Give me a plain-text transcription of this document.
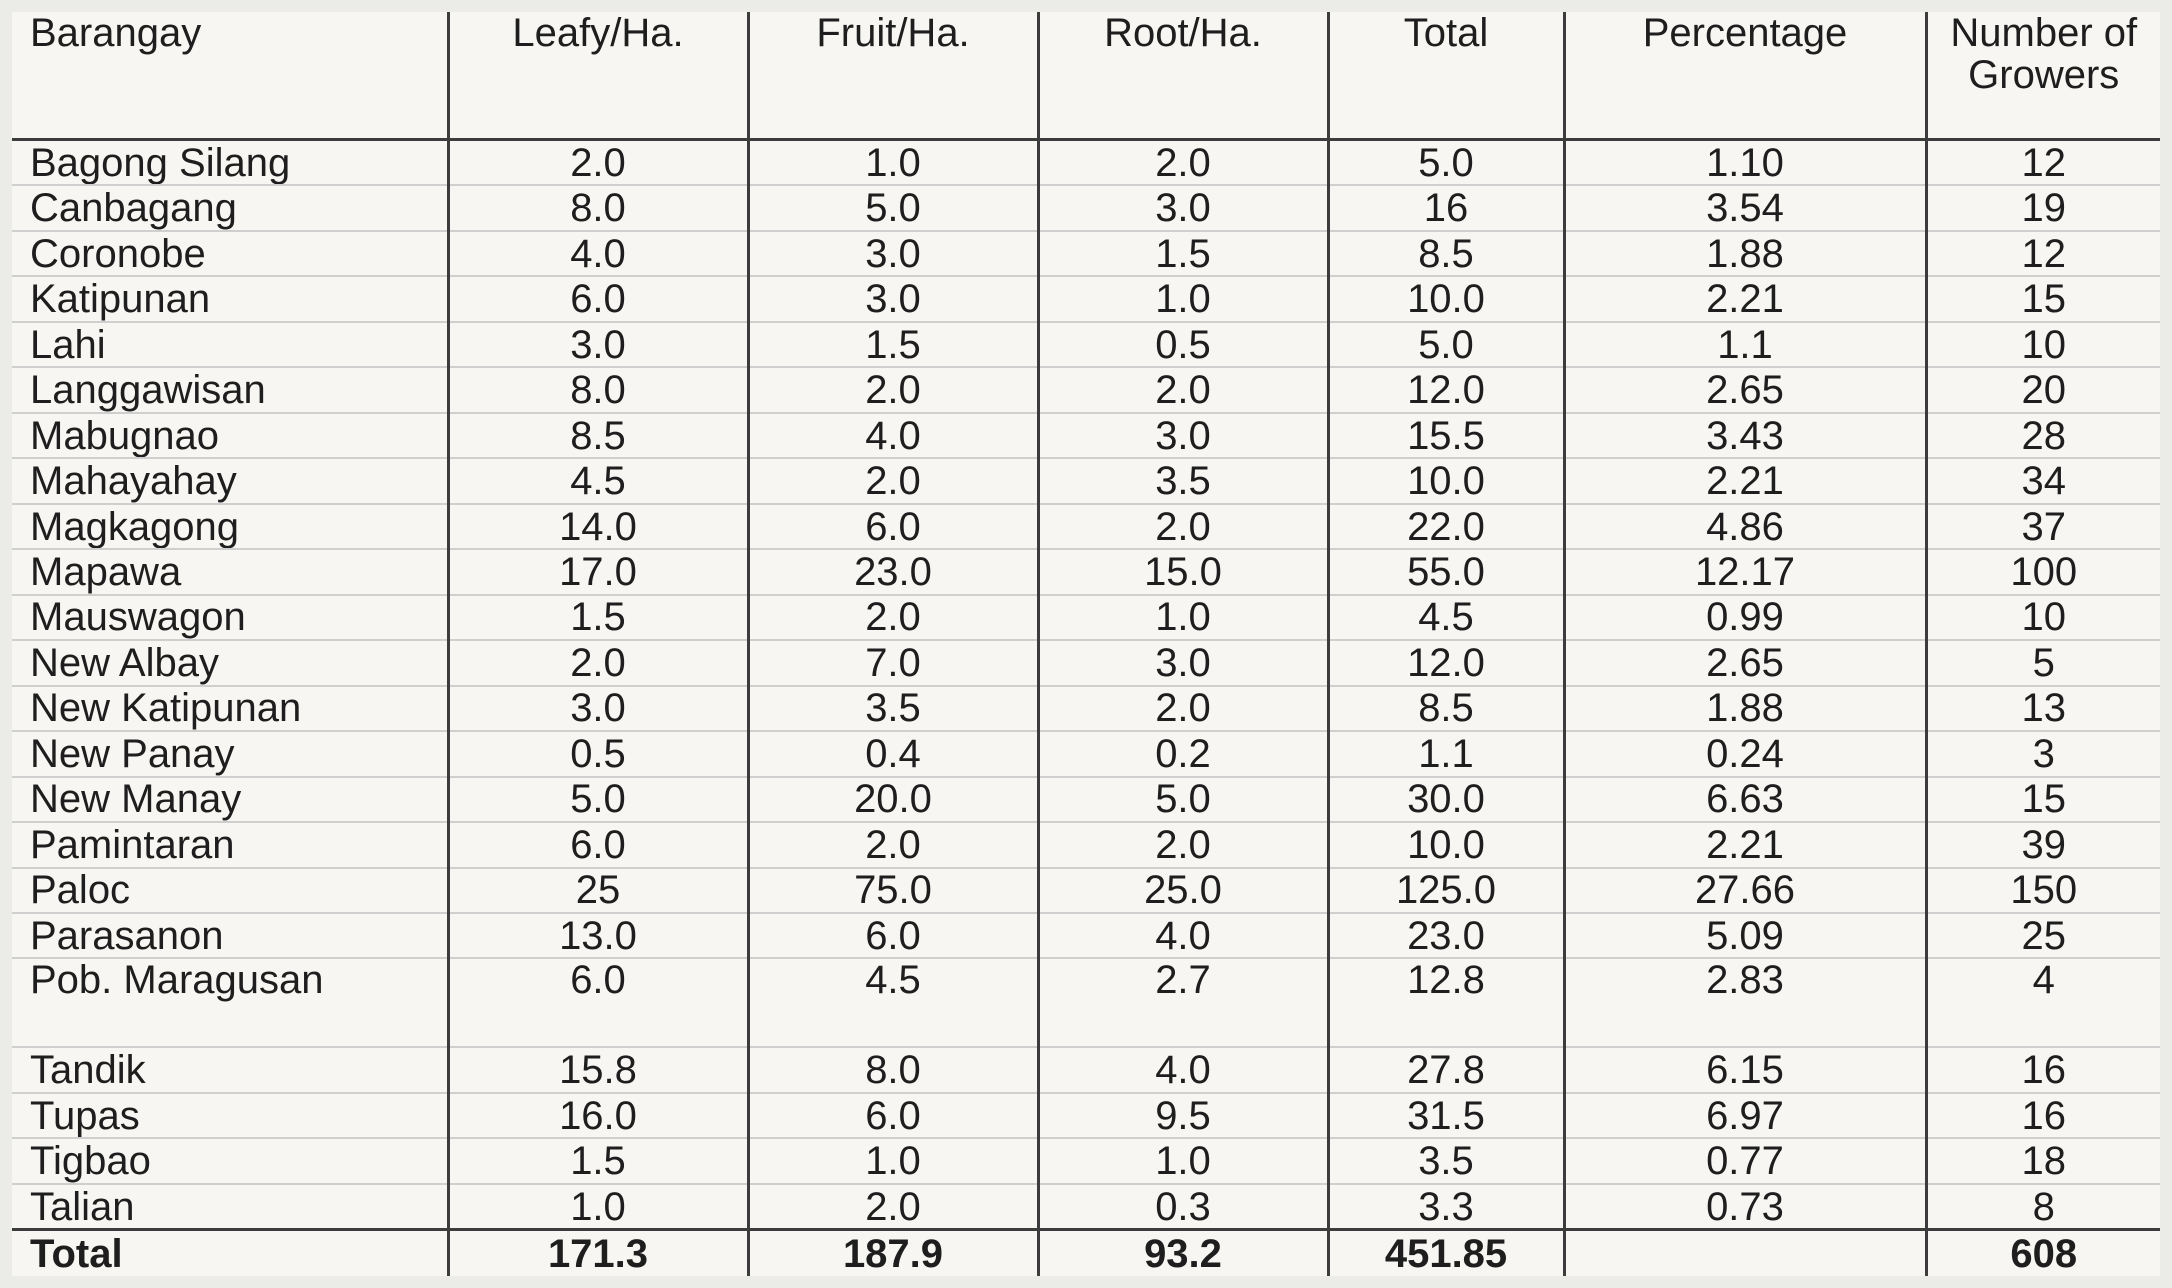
Barangay	Leafy/Ha.	Fruit/Ha.	Root/Ha.	Total	Percentage	Number of Growers
Bagong Silang	2.0	1.0	2.0	5.0	1.10	12
Canbagang	8.0	5.0	3.0	16	3.54	19
Coronobe	4.0	3.0	1.5	8.5	1.88	12
Katipunan	6.0	3.0	1.0	10.0	2.21	15
Lahi	3.0	1.5	0.5	5.0	1.1	10
Langgawisan	8.0	2.0	2.0	12.0	2.65	20
Mabugnao	8.5	4.0	3.0	15.5	3.43	28
Mahayahay	4.5	2.0	3.5	10.0	2.21	34
Magkagong	14.0	6.0	2.0	22.0	4.86	37
Mapawa	17.0	23.0	15.0	55.0	12.17	100
Mauswagon	1.5	2.0	1.0	4.5	0.99	10
New Albay	2.0	7.0	3.0	12.0	2.65	5
New Katipunan	3.0	3.5	2.0	8.5	1.88	13
New Panay	0.5	0.4	0.2	1.1	0.24	3
New Manay	5.0	20.0	5.0	30.0	6.63	15
Pamintaran	6.0	2.0	2.0	10.0	2.21	39
Paloc	25	75.0	25.0	125.0	27.66	150
Parasanon	13.0	6.0	4.0	23.0	5.09	25
Pob. Maragusan	6.0	4.5	2.7	12.8	2.83	4
Tandik	15.8	8.0	4.0	27.8	6.15	16
Tupas	16.0	6.0	9.5	31.5	6.97	16
Tigbao	1.5	1.0	1.0	3.5	0.77	18
Talian	1.0	2.0	0.3	3.3	0.73	8
Total	171.3	187.9	93.2	451.85		608
